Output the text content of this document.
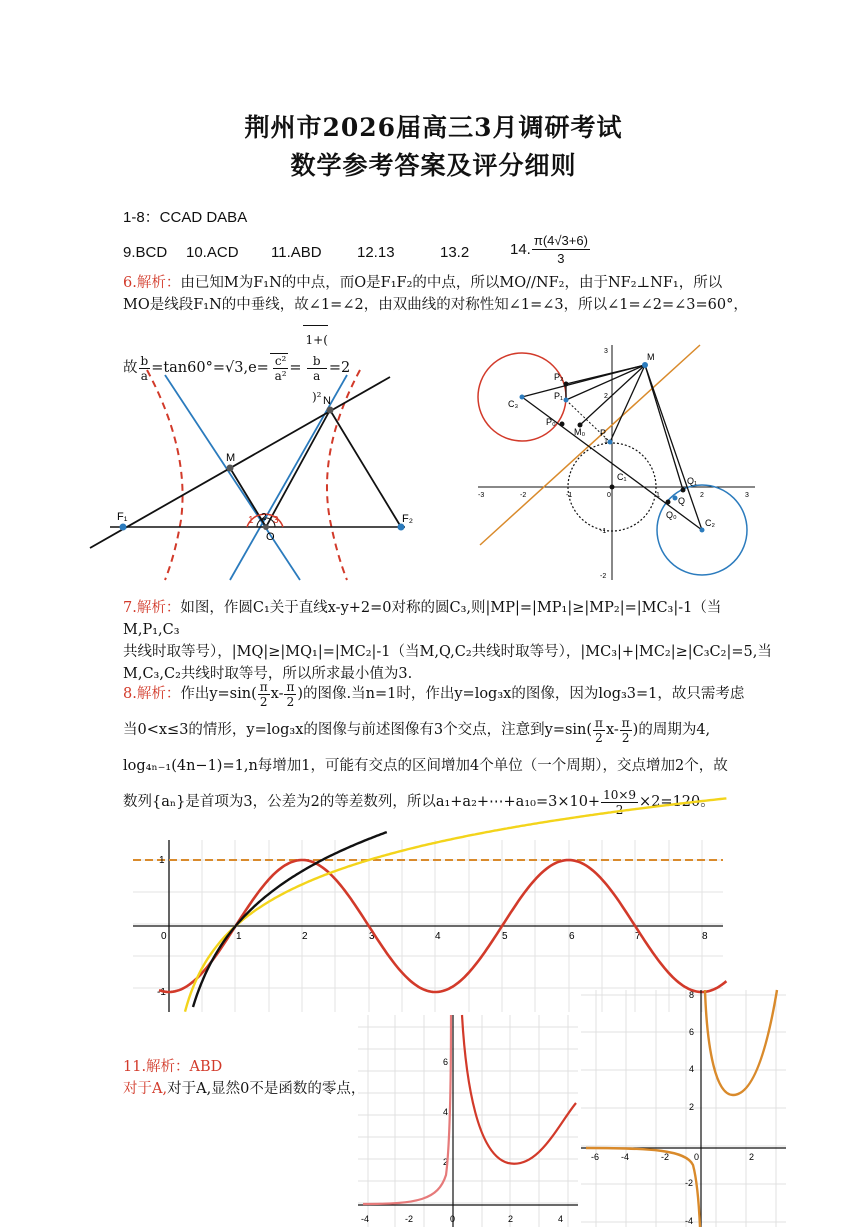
荆州市2026届高三3月调研考试
数学参考答案及评分细则
1-8：CCAD DABA
9.BCD 10.ACD 11.ABD 12.13	13.2	14. $\frac{\pi(4√3+6)}{3}$
6.解析：由已知M为F₁N的中点，而O是F₁F₂的中点，所以MO//NF₂，由于NF₂⊥NF₁，所以
MO是线段F₁N的中垂线，故∠1=∠2，由双曲线的对称性知∠1=∠3，所以∠1=∠2=∠3=60°，
故 $\frac{b}{a} =\tan 60^\circ=√3,e= \frac{\text{c²}}{\text{a²}} =1+$(
b
a
)²=2
F₁	F₂
M
N
O
1 2 3
-3	-2	-1	0	1	2	3
3
2
1
-1
-2
M
P₂
P₁
C₃
P₀
M₀ P
C₁	Q₁
Q
Q₀
C₂
7.解析：如图，作圆C₁关于直线x-y+2=0对称的圆C₃,则|MP|=|MP₁|≥|MP₂|=|MC₃|-1（当M,P₁,C₃
共线时取等号），|MQ|≥|MQ₁|=|MC₂|-1（当M,Q,C₂共线时取等号），|MC₃|+|MC₂|≥|C₃C₂|=5,当
M,C₃,C₂共线时取等号，所以所求最小值为3.
8.解析：作出$y=\sin( \frac{\pi}{2} x- \frac{\pi}{2}$ )的图像.当n=1时，作出y=log₃x的图像，因为log₃3=1，故只需考虑
当0<x≤3的情形，y=log₃x的图像与前述图像有3个交点，注意到$y=\sin( \frac{\pi}{2} x- \frac{\pi}{2}$ )的周期为4,
log₄ₙ₋₁(4n−1)=1,n每增加1，可能有交点的区间增加4个单位（一个周期），交点增加2个，故
数列{aₙ}是首项为3，公差为2的等差数列，所以a₁+a₂+⋯+a₁₀=3×10+ $\frac{10\times 9}{2} \times 2=120$。
0	1	2	3	4	5	6	7	8
1
-1
11.解析：ABD
对于A,对于A,显然0不是函数的零点，
6
4
2
-4	-2	0	2	4
8
6
4
2
-2
-4
-6 -4	-2	0	2
